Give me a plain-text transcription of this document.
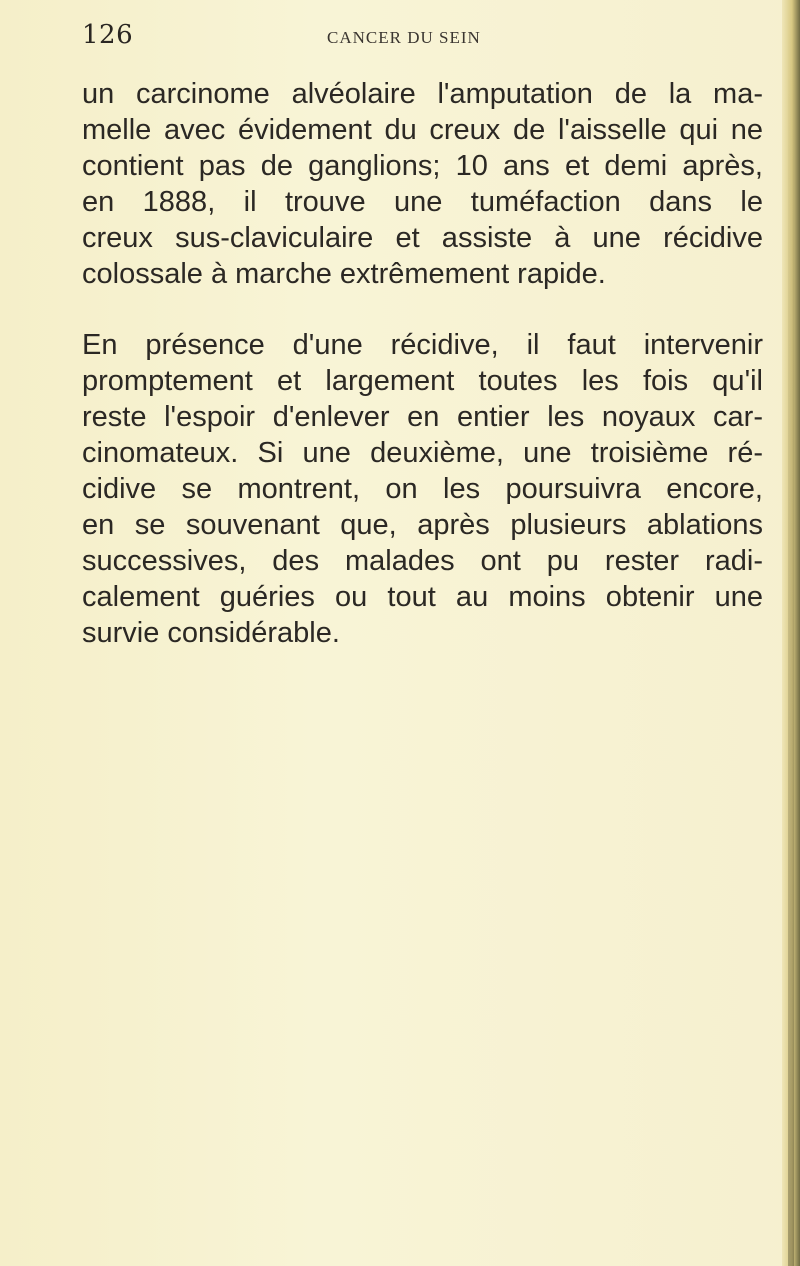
126	CANCER DU SEIN

un carcinome alvéolaire l'amputation de la ma-
melle avec évidement du creux de l'aisselle qui ne
contient pas de ganglions; 10 ans et demi après,
en 1888, il trouve une tuméfaction dans le
creux sus-claviculaire et assiste à une récidive
colossale à marche extrêmement rapide.

En présence d'une récidive, il faut intervenir
promptement et largement toutes les fois qu'il
reste l'espoir d'enlever en entier les noyaux car-
cinomateux. Si une deuxième, une troisième ré-
cidive se montrent, on les poursuivra encore,
en se souvenant que, après plusieurs ablations
successives, des malades ont pu rester radi-
calement guéries ou tout au moins obtenir une
survie considérable.
